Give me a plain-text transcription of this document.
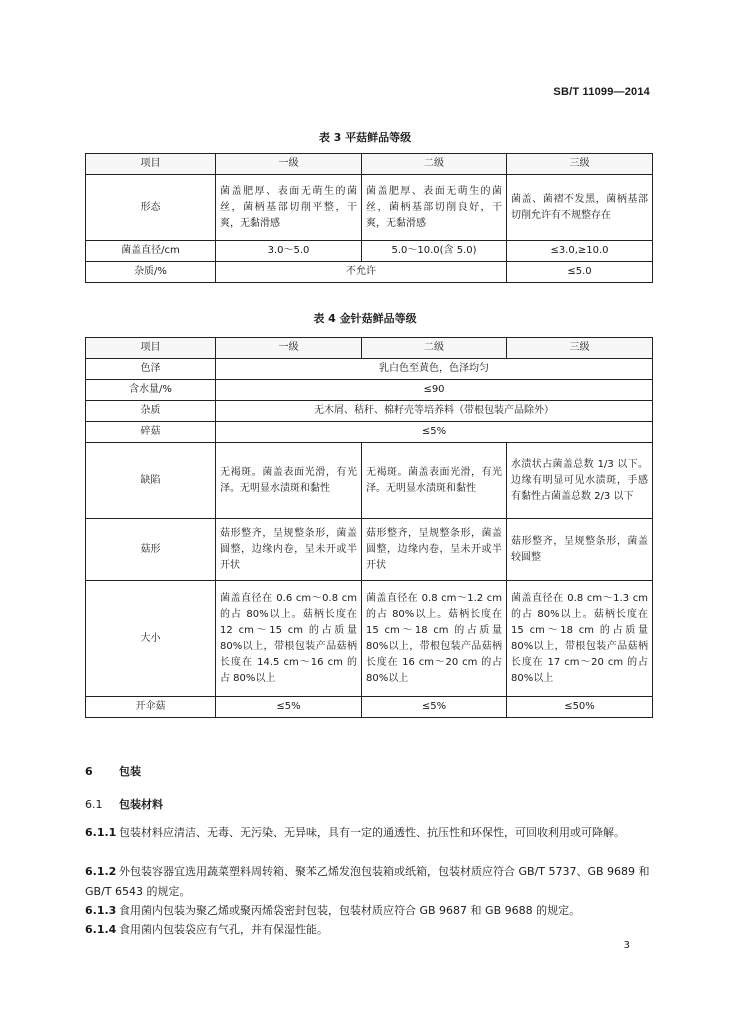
SB/T 11099—2014
表 3 平菇鲜品等级
项目	一级	二级	三级
形态	菌盖肥厚、表面无萌生的菌丝，菌柄基部切削平整，干爽，无黏滑感	菌盖肥厚、表面无萌生的菌丝，菌柄基部切削良好，干爽，无黏滑感	菌盖、菌褶不发黑，菌柄基部切削允许有不规整存在
菌盖直径/cm	3.0～5.0	5.0～10.0(含 5.0)	≤3.0,≥10.0
杂质/%	不允许		≤5.0
表 4 金针菇鲜品等级
项目	一级	二级	三级
色泽	乳白色至黄色，色泽均匀		
含水量/%	≤90		
杂质	无木屑、秸秆、棉籽壳等培养料（带根包装产品除外）		
碎菇	≤5%		
缺陷	无褐斑。菌盖表面光滑，有光泽。无明显水渍斑和黏性	无褐斑。菌盖表面光滑，有光泽。无明显水渍斑和黏性	水渍状占菌盖总数 1/3 以下。边缘有明显可见水渍斑，手感有黏性占菌盖总数 2/3 以下
菇形	菇形整齐，呈规整条形，菌盖圆整，边缘内卷，呈未开或半开状	菇形整齐，呈规整条形，菌盖圆整，边缘内卷，呈未开或半开状	菇形整齐，呈规整条形，菌盖较圆整
大小	菌盖直径在 0.6 cm～0.8 cm 的占 80%以上。菇柄长度在 12 cm～15 cm 的占质量 80%以上，带根包装产品菇柄长度在 14.5 cm～16 cm 的占 80%以上	菌盖直径在 0.8 cm～1.2 cm 的占 80%以上。菇柄长度在 15 cm～18 cm 的占质量 80%以上，带根包装产品菇柄长度在 16 cm～20 cm 的占 80%以上	菌盖直径在 0.8 cm～1.3 cm 的占 80%以上。菇柄长度在 15 cm～18 cm 的占质量 80%以上，带根包装产品菇柄长度在 17 cm～20 cm 的占 80%以上
开伞菇	≤5%	≤5%	≤50%
6 包装
6.1 包装材料
6.1.1 包装材料应清洁、无毒、无污染、无异味，具有一定的通透性、抗压性和环保性，可回收利用或可降解。
6.1.2 外包装容器宜选用蔬菜塑料周转箱、聚苯乙烯发泡包装箱或纸箱，包装材质应符合 GB/T 5737、GB 9689 和 GB/T 6543 的规定。
6.1.3 食用菌内包装为聚乙烯或聚丙烯袋密封包装，包装材质应符合 GB 9687 和 GB 9688 的规定。
6.1.4 食用菌内包装袋应有气孔，并有保湿性能。
3
